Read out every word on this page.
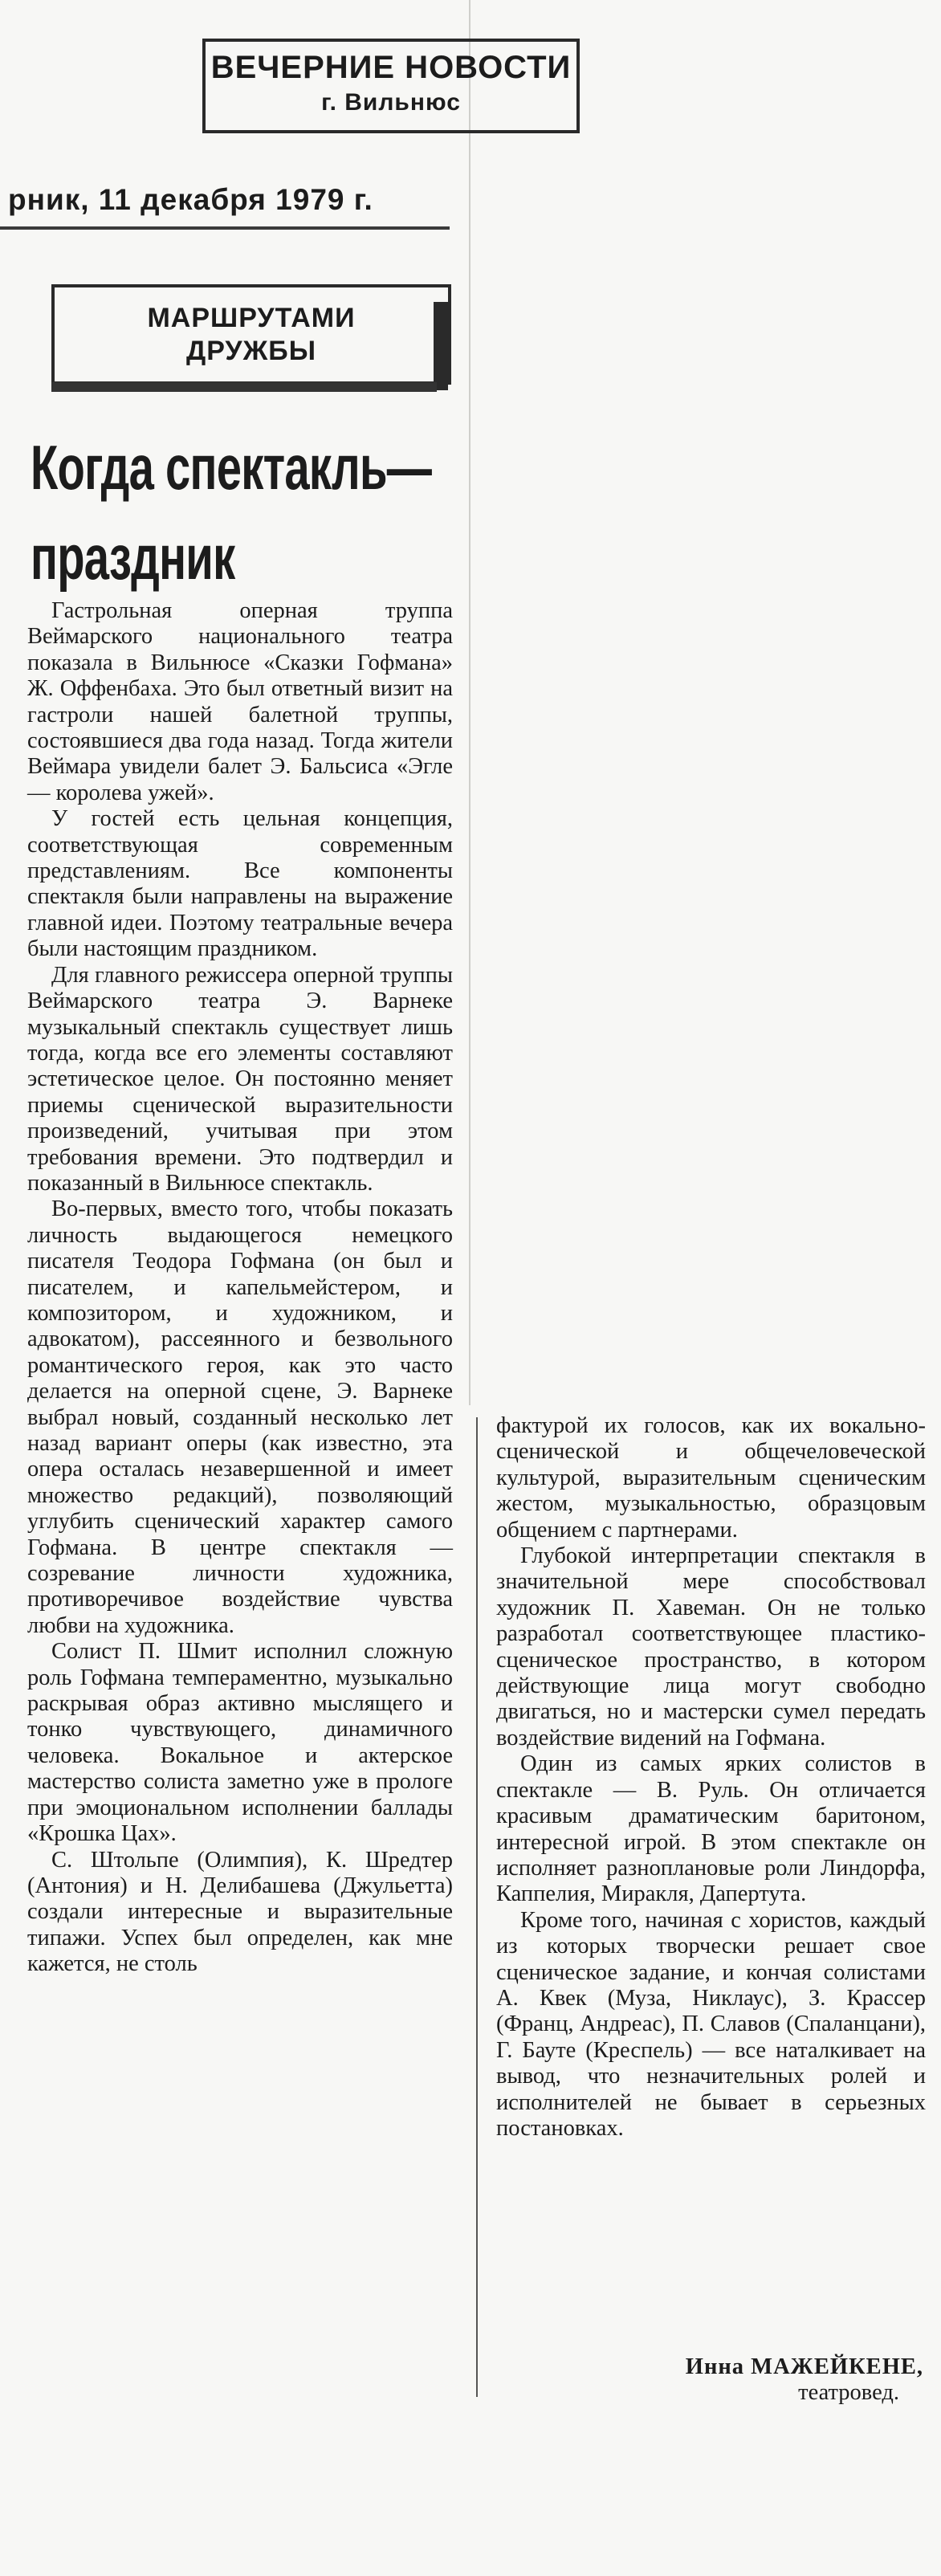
ВЕЧЕРНИЕ НОВОСТИ
г. Вильнюс
рник, 11 декабря 1979 г.
МАРШРУТАМИ
ДРУЖБЫ
Когда спектакль—
праздник

Гастрольная оперная труппа Веймарского национального театра показала в Вильнюсе «Сказки Гофмана» Ж. Оффенбаха. Это был ответный визит на гастроли нашей балетной труппы, состоявшиеся два года назад. Тогда жители Веймара увидели балет Э. Бальсиса «Эгле — королева ужей».

У гостей есть цельная концепция, соответствующая современным представлениям. Все компоненты спектакля были направлены на выражение главной идеи. Поэтому театральные вечера были настоящим праздником.

Для главного режиссера оперной труппы Веймарского театра Э. Варнеке музыкальный спектакль существует лишь тогда, когда все его элементы составляют эстетическое целое. Он постоянно меняет приемы сценической выразительности произведений, учитывая при этом требования времени. Это подтвердил и показанный в Вильнюсе спектакль.

Во-первых, вместо того, чтобы показать личность выдающегося немецкого писателя Теодора Гофмана (он был и писателем, и капельмейстером, и композитором, и художником, и адвокатом), рассеянного и безвольного романтического героя, как это часто делается на оперной сцене, Э. Варнеке выбрал новый, созданный несколько лет назад вариант оперы (как известно, эта опера осталась незавершенной и имеет множество редакций), позволяющий углубить сценический характер самого Гофмана. В центре спектакля — созревание личности художника, противоречивое воздействие чувства любви на художника.

Солист П. Шмит исполнил сложную роль Гофмана темпераментно, музыкально раскрывая образ активно мыслящего и тонко чувствующего, динамичного человека. Вокальное и актерское мастерство солиста заметно уже в прологе при эмоциональном исполнении баллады «Крошка Цах».

С. Штольпе (Олимпия), К. Шредтер (Антония) и Н. Делибашева (Джульетта) создали интересные и выразительные типажи. Успех был определен, как мне кажется, не столь

фактурой их голосов, как их вокально-сценической и общечеловеческой культурой, выразительным сценическим жестом, музыкальностью, образцовым общением с партнерами.

Глубокой интерпретации спектакля в значительной мере способствовал художник П. Хавеман. Он не только разработал соответствующее пластико-сценическое пространство, в котором действующие лица могут свободно двигаться, но и мастерски сумел передать воздействие видений на Гофмана.

Один из самых ярких солистов в спектакле — В. Руль. Он отличается красивым драматическим баритоном, интересной игрой. В этом спектакле он исполняет разноплановые роли Линдорфа, Каппелия, Миракля, Дапертута.

Кроме того, начиная с хористов, каждый из которых творчески решает свое сценическое задание, и кончая солистами А. Квек (Муза, Никлаус), З. Крассер (Франц, Андреас), П. Славов (Спаланцани), Г. Бауте (Креспель) — все наталкивает на вывод, что незначительных ролей и исполнителей не бывает в серьезных постановках.

Инна МАЖЕЙКЕНЕ,
театровед.
